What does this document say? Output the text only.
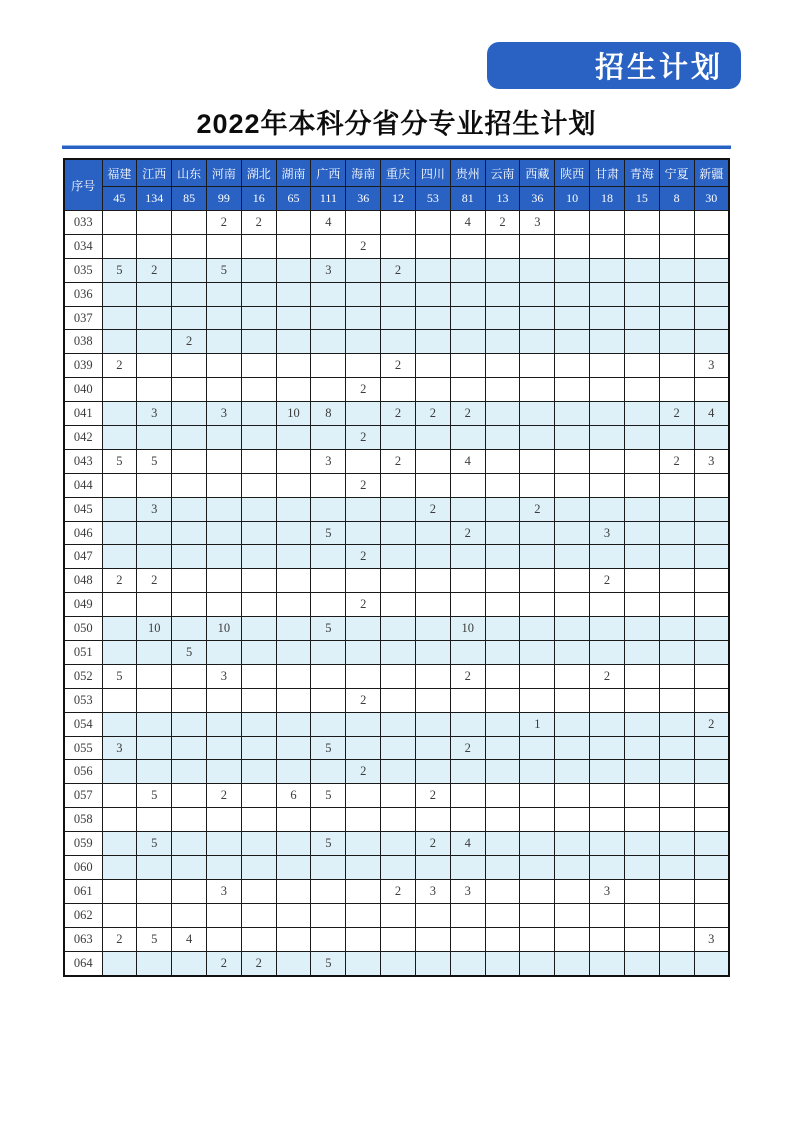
招生计划
2022年本科分省分专业招生计划
序号	福建	江西	山东	河南	湖北	湖南	广西	海南	重庆	四川	贵州	云南	西藏	陕西	甘肃	青海	宁夏	新疆
	45	134	85	99	16	65	111	36	12	53	81	13	36	10	18	15	8	30
033				2	2		4				4	2	3					
034								2										
035	5	2		5			3		2									
036																		
037																		
038			2															
039	2								2									3
040								2										
041		3		3		10	8		2	2	2						2	4
042								2										
043	5	5					3		2		4						2	3
044								2										
045		3								2			2					
046							5				2				3			
047								2										
048	2	2													2			
049								2										
050		10		10			5				10							
051			5															
052	5			3							2				2			
053								2										
054													1					2
055	3						5				2							
056								2										
057		5		2		6	5			2								
058																		
059		5					5			2	4							
060																		
061				3					2	3	3				3			
062																		
063	2	5	4															3
064				2	2		5											
